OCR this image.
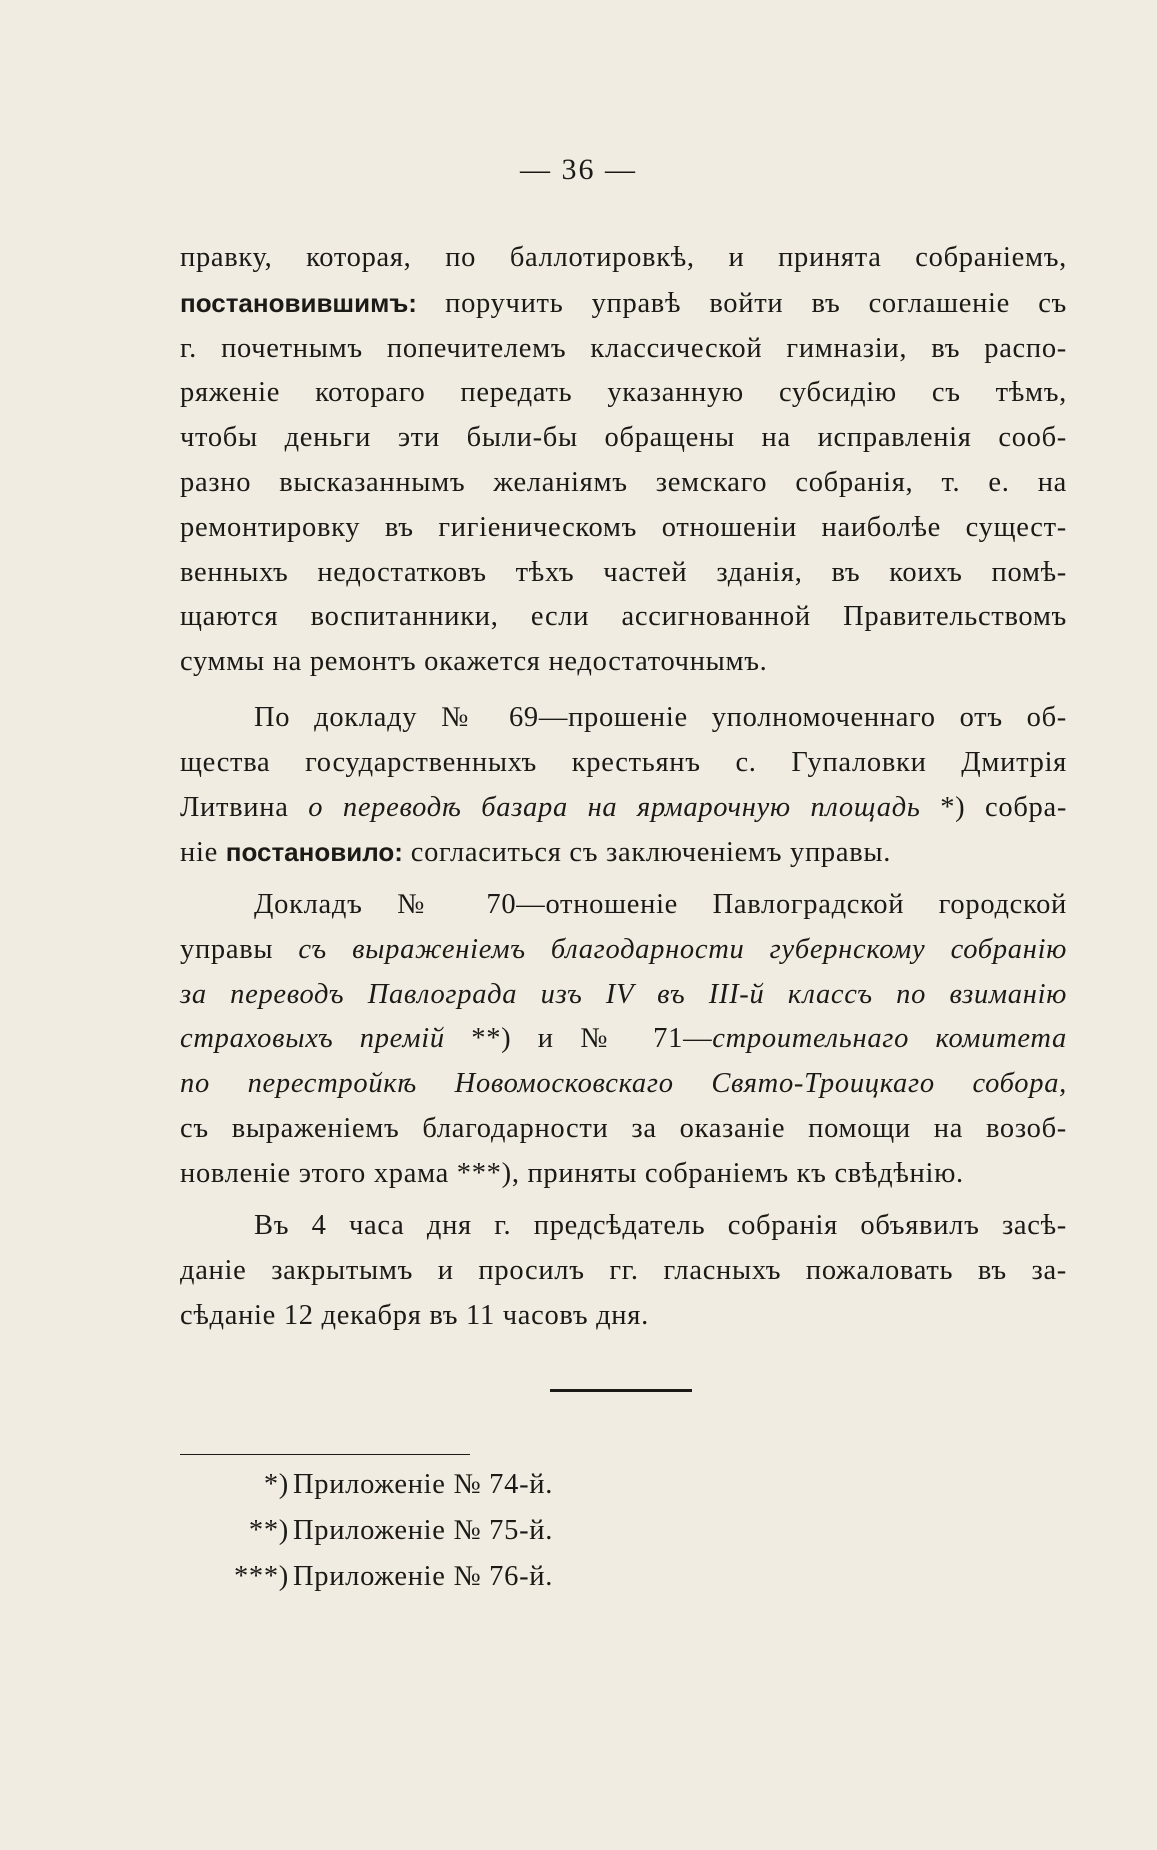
— 36 —
правку, которая, по баллотировкѣ, и принята собраніемъ,
постановившимъ: поручить управѣ войти въ соглашеніе съ
г. почетнымъ попечителемъ классической гимназіи, въ распо-
ряженіе котораго передать указанную субсидію съ тѣмъ,
чтобы деньги эти были-бы обращены на исправленія сооб-
разно высказаннымъ желаніямъ земскаго собранія, т. е. на
ремонтировку въ гигіеническомъ отношеніи наиболѣе сущест-
венныхъ недостатковъ тѣхъ частей зданія, въ коихъ помѣ-
щаются воспитанники, если ассигнованной Правительствомъ
суммы на ремонтъ окажется недостаточнымъ.
По докладу № 69—прошеніе уполномоченнаго отъ об-
щества государственныхъ крестьянъ с. Гупаловки Дмитрія
Литвина о переводѣ базара на ярмарочную площадь *) собра-
ніе постановило: согласиться съ заключеніемъ управы.
Докладъ № 70—отношеніе Павлоградской городской
управы съ выраженіемъ благодарности губернскому собранію
за переводъ Павлограда изъ IV въ III-й классъ по взиманію
страховыхъ премій **) и № 71—строительнаго комитета
по перестройкѣ Новомосковскаго Свято-Троицкаго собора,
съ выраженіемъ благодарности за оказаніе помощи на возоб-
новленіе этого храма ***), приняты собраніемъ къ свѣдѣнію.
Въ 4 часа дня г. предсѣдатель собранія объявилъ засѣ-
даніе закрытымъ и просилъ гг. гласныхъ пожаловать въ за-
сѣданіе 12 декабря въ 11 часовъ дня.
*) Приложеніе № 74-й.
**) Приложеніе № 75-й.
***) Приложеніе № 76-й.
